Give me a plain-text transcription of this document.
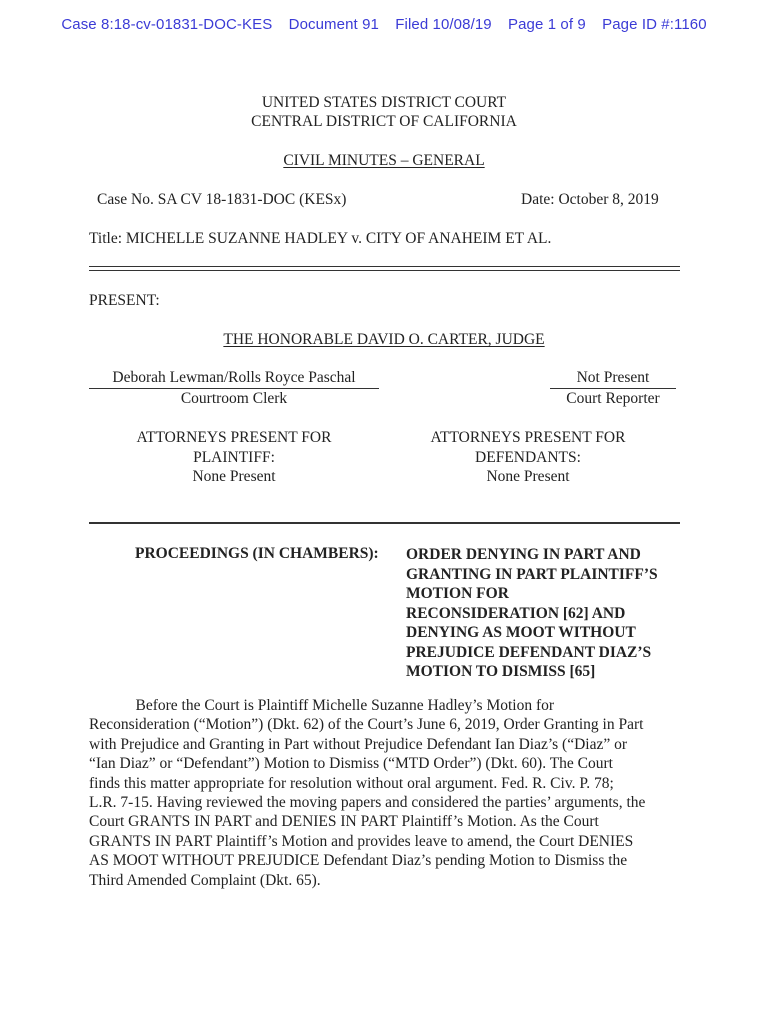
Case 8:18-cv-01831-DOC-KES Document 91 Filed 10/08/19 Page 1 of 9 Page ID #:1160
UNITED STATES DISTRICT COURT
CENTRAL DISTRICT OF CALIFORNIA
CIVIL MINUTES – GENERAL
Case No. SA CV 18-1831-DOC (KESx)	Date: October 8, 2019
Title: MICHELLE SUZANNE HADLEY v. CITY OF ANAHEIM ET AL.
PRESENT:
THE HONORABLE DAVID O. CARTER, JUDGE
Deborah Lewman/Rolls Royce Paschal
Courtroom Clerk
Not Present
Court Reporter
ATTORNEYS PRESENT FOR
PLAINTIFF:
None Present
ATTORNEYS PRESENT FOR
DEFENDANTS:
None Present
PROCEEDINGS (IN CHAMBERS): ORDER DENYING IN PART AND
GRANTING IN PART PLAINTIFF’S
MOTION FOR
RECONSIDERATION [62] AND
DENYING AS MOOT WITHOUT
PREJUDICE DEFENDANT DIAZ’S
MOTION TO DISMISS [65]
Before the Court is Plaintiff Michelle Suzanne Hadley’s Motion for
Reconsideration (“Motion”) (Dkt. 62) of the Court’s June 6, 2019, Order Granting in Part
with Prejudice and Granting in Part without Prejudice Defendant Ian Diaz’s (“Diaz” or
“Ian Diaz” or “Defendant”) Motion to Dismiss (“MTD Order”) (Dkt. 60). The Court
finds this matter appropriate for resolution without oral argument. Fed. R. Civ. P. 78;
L.R. 7-15. Having reviewed the moving papers and considered the parties’ arguments, the
Court GRANTS IN PART and DENIES IN PART Plaintiff’s Motion. As the Court
GRANTS IN PART Plaintiff’s Motion and provides leave to amend, the Court DENIES
AS MOOT WITHOUT PREJUDICE Defendant Diaz’s pending Motion to Dismiss the
Third Amended Complaint (Dkt. 65).
